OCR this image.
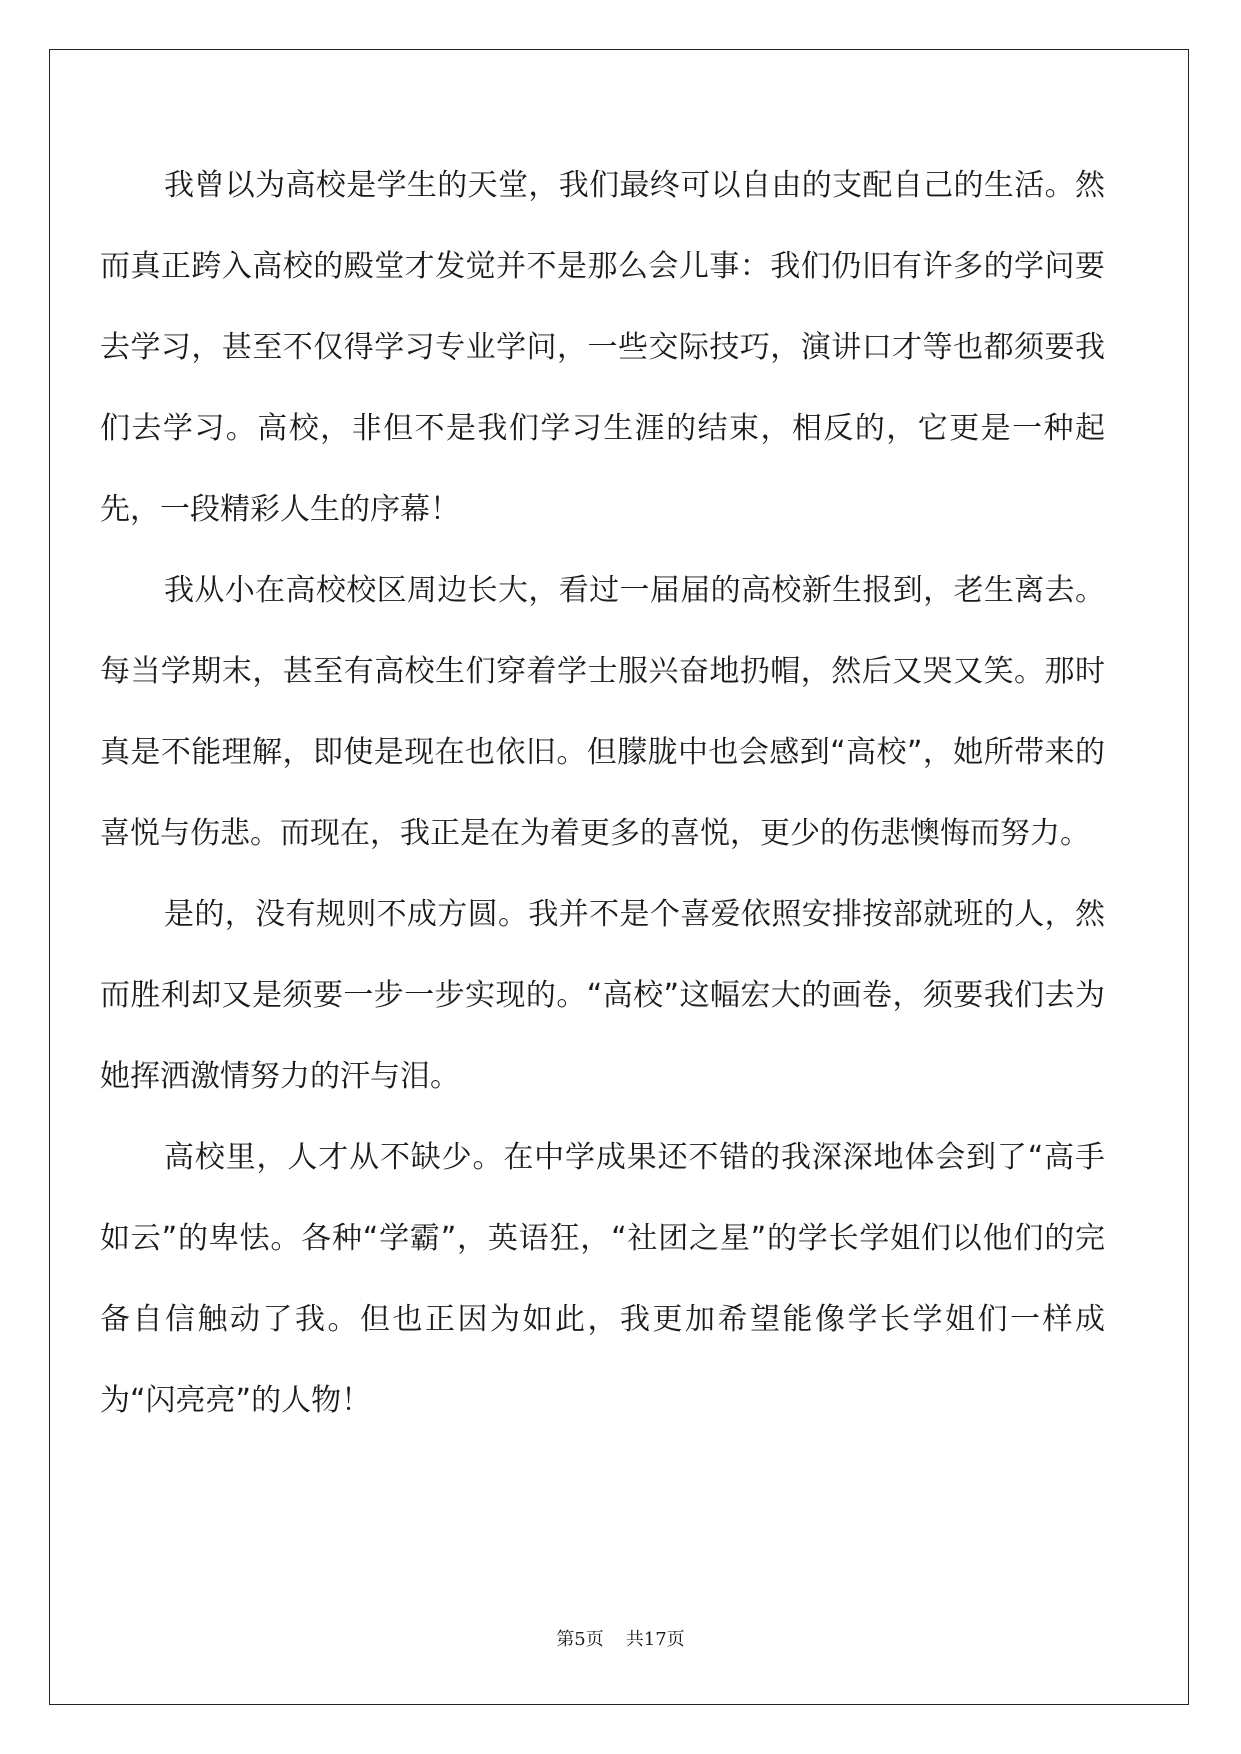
我曾以为高校是学生的天堂，我们最终可以自由的支配自己的生活。然而真正跨入高校的殿堂才发觉并不是那么会儿事：我们仍旧有许多的学问要去学习，甚至不仅得学习专业学问，一些交际技巧，演讲口才等也都须要我们去学习。高校，非但不是我们学习生涯的结束，相反的，它更是一种起先，一段精彩人生的序幕！

我从小在高校校区周边长大，看过一届届的高校新生报到，老生离去。每当学期末，甚至有高校生们穿着学士服兴奋地扔帽，然后又哭又笑。那时真是不能理解，即使是现在也依旧。但朦胧中也会感到“高校”，她所带来的喜悦与伤悲。而现在，我正是在为着更多的喜悦，更少的伤悲懊悔而努力。

是的，没有规则不成方圆。我并不是个喜爱依照安排按部就班的人，然而胜利却又是须要一步一步实现的。“高校”这幅宏大的画卷，须要我们去为她挥洒激情努力的汗与泪。

高校里，人才从不缺少。在中学成果还不错的我深深地体会到了“高手如云”的卑怯。各种“学霸”，英语狂，“社团之星”的学长学姐们以他们的完备自信触动了我。但也正因为如此，我更加希望能像学长学姐们一样成为“闪亮亮”的人物！

第5页 共17页
